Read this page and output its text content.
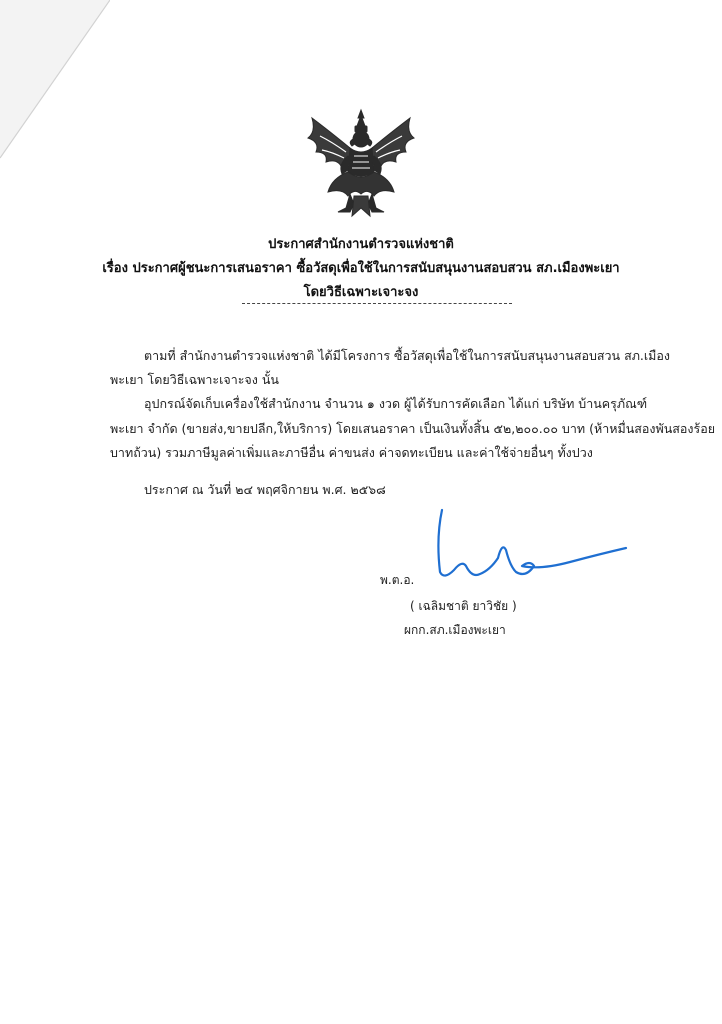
ประกาศสำนักงานตำรวจแห่งชาติ
เรื่อง ประกาศผู้ชนะการเสนอราคา ซื้อวัสดุเพื่อใช้ในการสนับสนุนงานสอบสวน สภ.เมืองพะเยา
โดยวิธีเฉพาะเจาะจง
ตามที่ สำนักงานตำรวจแห่งชาติ ได้มีโครงการ ซื้อวัสดุเพื่อใช้ในการสนับสนุนงานสอบสวน สภ.เมือง
พะเยา โดยวิธีเฉพาะเจาะจง นั้น
อุปกรณ์จัดเก็บเครื่องใช้สำนักงาน จำนวน ๑ งวด ผู้ได้รับการคัดเลือก ได้แก่ บริษัท บ้านครุภัณฑ์
พะเยา จำกัด (ขายส่ง,ขายปลีก,ให้บริการ) โดยเสนอราคา เป็นเงินทั้งสิ้น ๕๒,๒๐๐.๐๐ บาท (ห้าหมื่นสองพันสองร้อย
บาทถ้วน) รวมภาษีมูลค่าเพิ่มและภาษีอื่น ค่าขนส่ง ค่าจดทะเบียน และค่าใช้จ่ายอื่นๆ ทั้งปวง
ประกาศ ณ วันที่ ๒๔ พฤศจิกายน พ.ศ. ๒๕๖๘
พ.ต.อ.
( เฉลิมชาติ ยาวิชัย )
ผกก.สภ.เมืองพะเยา
